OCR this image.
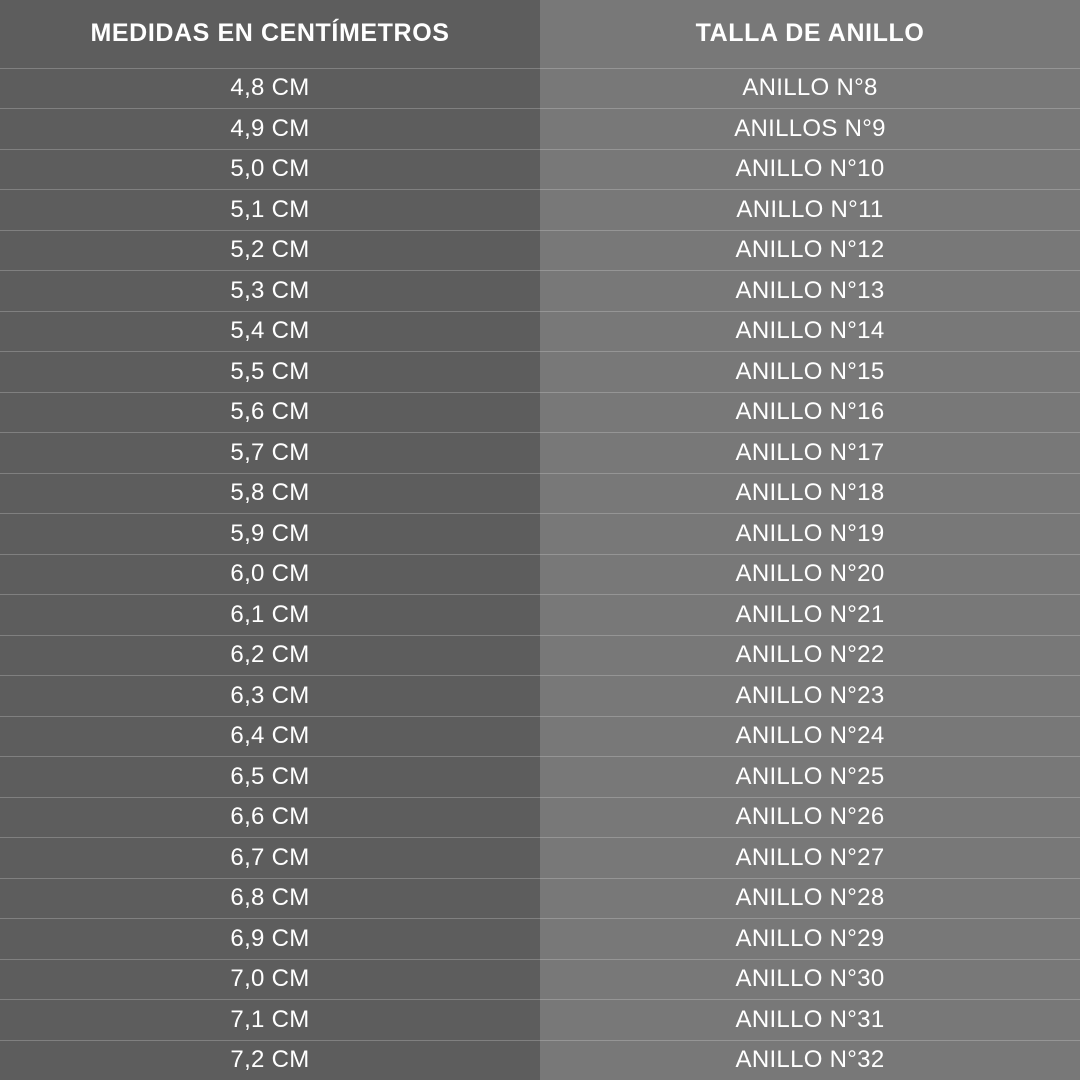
MEDIDAS EN CENTÍMETROS	TALLA DE ANILLO
4,8 CM	ANILLO N°8
4,9 CM	ANILLOS N°9
5,0 CM	ANILLO N°10
5,1 CM	ANILLO N°11
5,2 CM	ANILLO N°12
5,3 CM	ANILLO N°13
5,4 CM	ANILLO N°14
5,5 CM	ANILLO N°15
5,6 CM	ANILLO N°16
5,7 CM	ANILLO N°17
5,8 CM	ANILLO N°18
5,9 CM	ANILLO N°19
6,0 CM	ANILLO N°20
6,1 CM	ANILLO N°21
6,2 CM	ANILLO N°22
6,3 CM	ANILLO N°23
6,4 CM	ANILLO N°24
6,5 CM	ANILLO N°25
6,6 CM	ANILLO N°26
6,7 CM	ANILLO N°27
6,8 CM	ANILLO N°28
6,9 CM	ANILLO N°29
7,0 CM	ANILLO N°30
7,1 CM	ANILLO N°31
7,2 CM	ANILLO N°32
